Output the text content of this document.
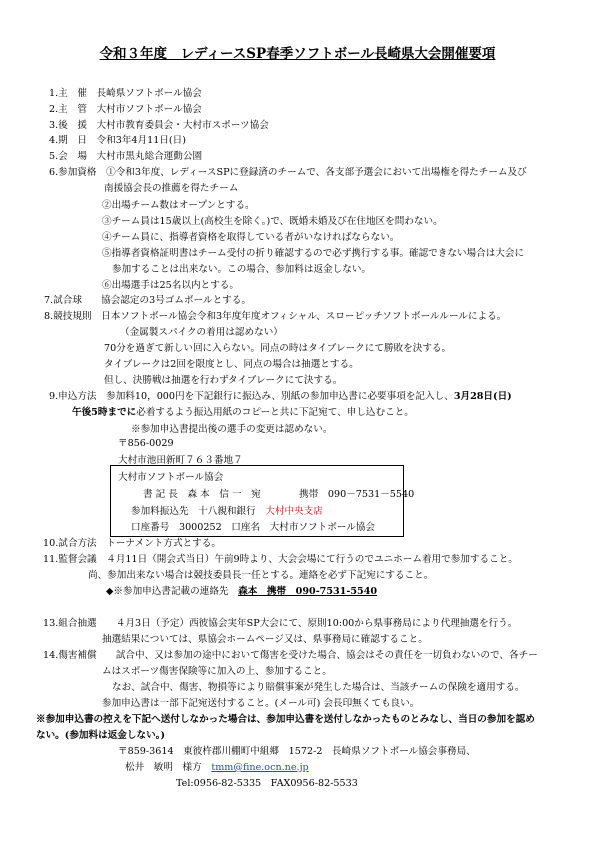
令和３年度　レディースSP春季ソフトボール長崎県大会開催要項
1.主　催　長崎県ソフトボール協会
2.主　管　大村市ソフトボール協会
3.後　援　大村市教育委員会・大村市スポーツ協会
4.期　日　令和3年4月11日(日)
5.会　場　大村市黒丸総合運動公園
6.参加資格　①令和3年度、レディースSPに登録済のチームで、各支部予選会において出場権を得たチーム及び
南援協会長の推薦を得たチーム
②出場チーム数はオープンとする。
③チーム員は15歳以上(高校生を除く。)で、既婚未婚及び在住地区を問わない。
④チーム員に、指導者資格を取得している者がいなければならない。
⑤指導者資格証明書はチーム受付の折り確認するので必ず携行する事。確認できない場合は大会に
参加することは出来ない。この場合、参加料は返金しない。
⑥出場選手は25名以内とする。
7.試合球　　協会認定の3号ゴムボールとする。
8.競技規則　日本ソフトボール協会令和3年度年度オフィシャル、スローピッチソフトボールルールによる。
（金属製スパイクの着用は認めない）
70分を過ぎて新しい回に入らない。同点の時はタイブレークにて勝敗を決する。
タイブレークは2回を限度とし、同点の場合は抽選とする。
但し、決勝戦は抽選を行わずタイブレークにて決する。
9.申込方法　参加料10，000円を下記銀行に振込み、別紙の参加申込書に必要事項を記入し、3月28日(日)
午後5時までに必着するよう振込用紙のコピーと共に下記宛て、申し込むこと。
※参加申込書提出後の選手の変更は認めない。
〒856-0029
大村市池田新町７６３番地７
大村市ソフトボール協会
書 記 長　森 本　信 一　宛　　　　携帯　090－7531－5540
参加料振込先　十八親和銀行　大村中央支店
口座番号　3000252　口座名　大村市ソフトボール協会
10.試合方法　トーナメント方式とする。
11.監督会議　４月11日（開会式当日）午前9時より、大会会場にて行うのでユニホーム着用で参加すること。
尚、参加出来ない場合は競技委員長一任とする。連絡を必ず下記宛にすること。
◆※参加申込書記載の連絡先　森本　携帯　090-7531-5540
13.組合抽選　　４月3日（予定）西彼協会実年SP大会にて、原則10:00から県事務局により代理抽選を行う。
抽選結果については、県協会ホームページ又は、県事務局に確認すること。
14.傷害補償　　試合中、又は参加の途中において傷害を受けた場合、協会はその責任を一切負わないので、各チー
ムはスポーツ傷害保険等に加入の上、参加すること。
なお、試合中、傷害、物損等により賠償事案が発生した場合は、当該チームの保険を適用する。
参加申込書は一部下記宛送付すること。(メール可) 会長印無くても良い。
※参加申込書の控えを下記へ送付しなかった場合は、参加申込書を送付しなかったものとみなし、当日の参加を認め
ない。(参加料は返金しない。)
〒859-3614　東彼杵郡川棚町中組郷　1572-2　長崎県ソフトボール協会事務局、
松井　敏明　様方　tmm@fine.ocn.ne.jp
Tel:0956-82-5335　FAX0956-82-5533
